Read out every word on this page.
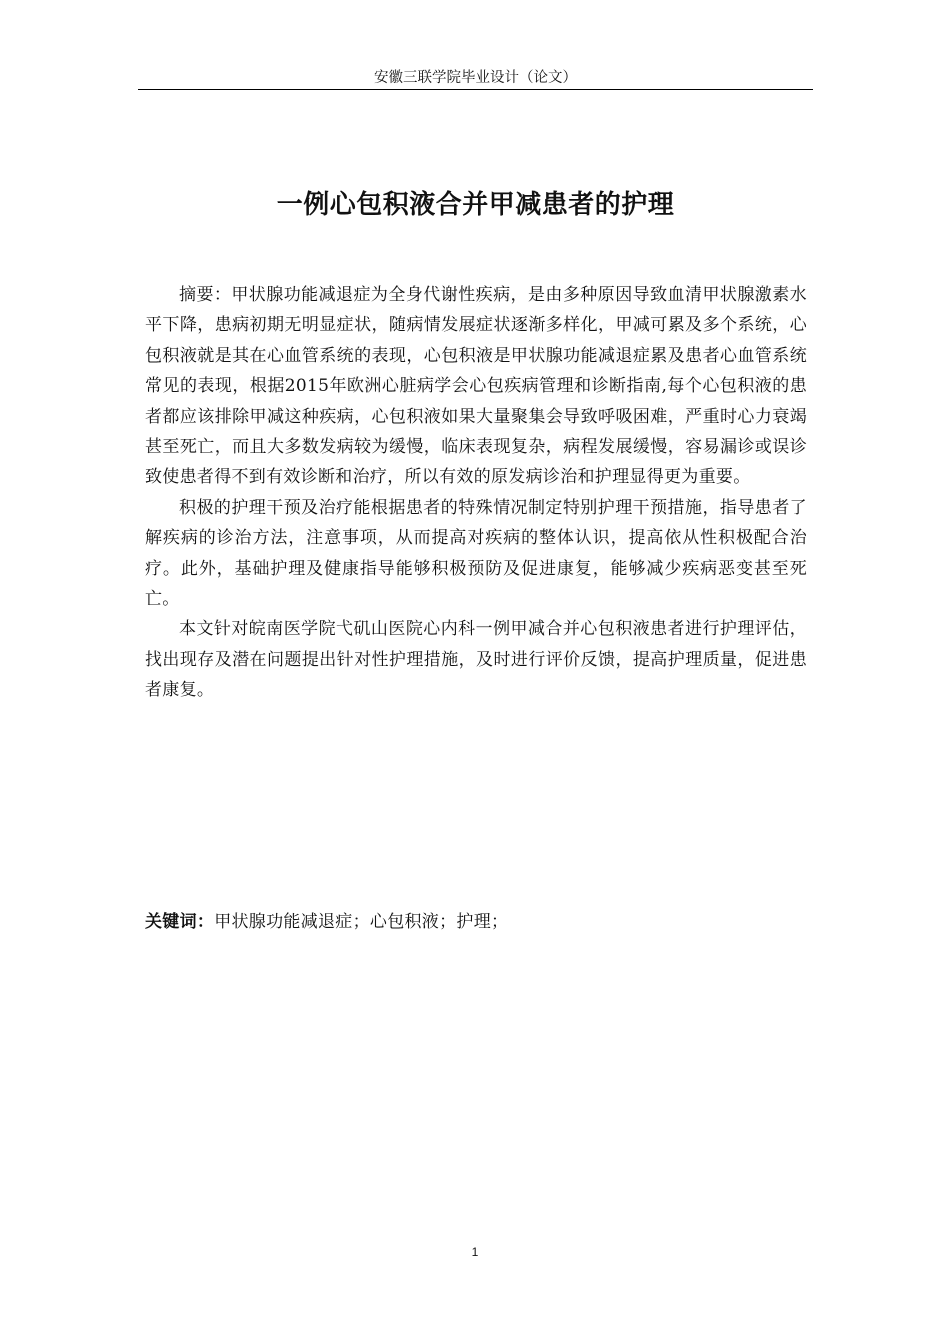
安徽三联学院毕业设计（论文）
一例心包积液合并甲减患者的护理

摘要：甲状腺功能减退症为全身代谢性疾病，是由多种原因导致血清甲状腺激素水平下降，患病初期无明显症状，随病情发展症状逐渐多样化，甲减可累及多个系统，心包积液就是其在心血管系统的表现，心包积液是甲状腺功能减退症累及患者心血管系统常见的表现，根据2015年欧洲心脏病学会心包疾病管理和诊断指南,每个心包积液的患者都应该排除甲减这种疾病，心包积液如果大量聚集会导致呼吸困难，严重时心力衰竭甚至死亡，而且大多数发病较为缓慢，临床表现复杂，病程发展缓慢，容易漏诊或误诊致使患者得不到有效诊断和治疗，所以有效的原发病诊治和护理显得更为重要。

积极的护理干预及治疗能根据患者的特殊情况制定特别护理干预措施，指导患者了解疾病的诊治方法，注意事项，从而提高对疾病的整体认识，提高依从性积极配合治疗。此外，基础护理及健康指导能够积极预防及促进康复，能够减少疾病恶变甚至死亡。

本文针对皖南医学院弋矶山医院心内科一例甲减合并心包积液患者进行护理评估，找出现存及潜在问题提出针对性护理措施，及时进行评价反馈，提高护理质量，促进患者康复。

关键词：甲状腺功能减退症；心包积液；护理；
1
